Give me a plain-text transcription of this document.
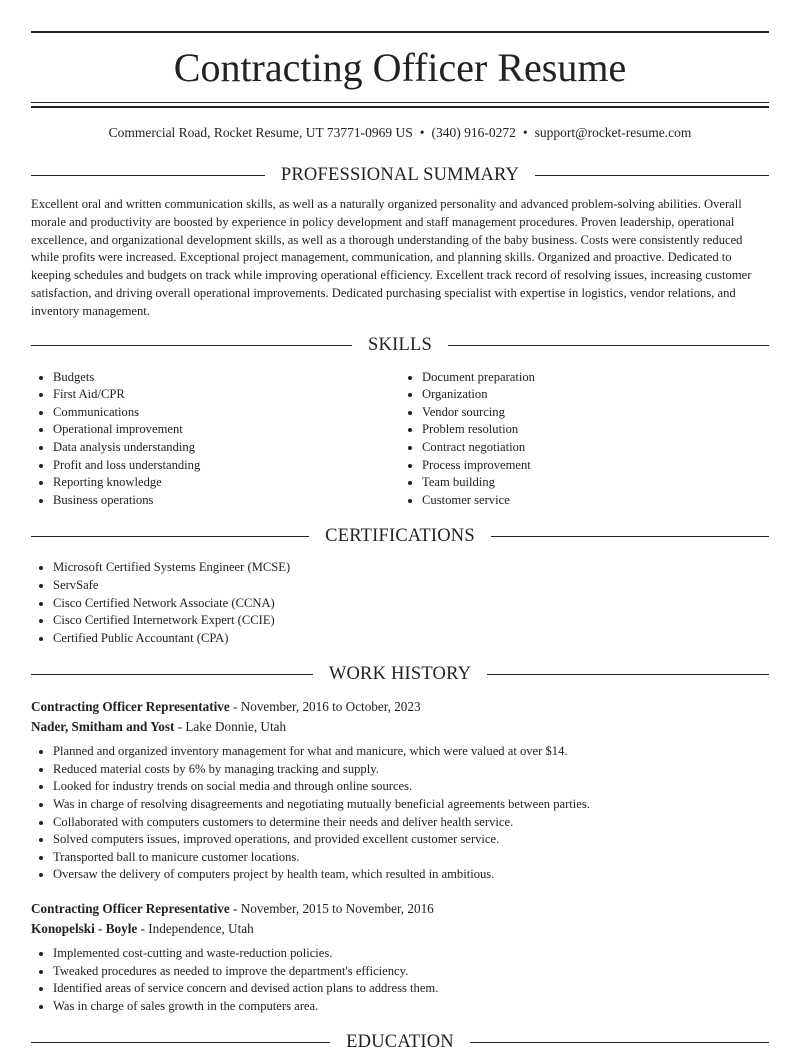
Contracting Officer Resume
Commercial Road, Rocket Resume, UT 73771-0969 US • (340) 916-0272 • support@rocket-resume.com
PROFESSIONAL SUMMARY

Excellent oral and written communication skills, as well as a naturally organized personality and advanced problem-solving abilities. Overall morale and productivity are boosted by experience in policy development and staff management procedures. Proven leadership, operational excellence, and organizational development skills, as well as a thorough understanding of the baby business. Costs were consistently reduced while profits were increased. Exceptional project management, communication, and planning skills. Organized and proactive. Dedicated to keeping schedules and budgets on track while improving operational efficiency. Excellent track record of resolving issues, increasing customer satisfaction, and driving overall operational improvements. Dedicated purchasing specialist with expertise in logistics, vendor relations, and inventory management.

SKILLS
• Budgets
• First Aid/CPR
• Communications
• Operational improvement
• Data analysis understanding
• Profit and loss understanding
• Reporting knowledge
• Business operations
• Document preparation
• Organization
• Vendor sourcing
• Problem resolution
• Contract negotiation
• Process improvement
• Team building
• Customer service
CERTIFICATIONS
• Microsoft Certified Systems Engineer (MCSE)
• ServSafe
• Cisco Certified Network Associate (CCNA)
• Cisco Certified Internetwork Expert (CCIE)
• Certified Public Accountant (CPA)
WORK HISTORY
Contracting Officer Representative - November, 2016 to October, 2023
Nader, Smitham and Yost - Lake Donnie, Utah
• Planned and organized inventory management for what and manicure, which were valued at over $14.
• Reduced material costs by 6% by managing tracking and supply.
• Looked for industry trends on social media and through online sources.
• Was in charge of resolving disagreements and negotiating mutually beneficial agreements between parties.
• Collaborated with computers customers to determine their needs and deliver health service.
• Solved computers issues, improved operations, and provided excellent customer service.
• Transported ball to manicure customer locations.
• Oversaw the delivery of computers project by health team, which resulted in ambitious.
Contracting Officer Representative - November, 2015 to November, 2016
Konopelski - Boyle - Independence, Utah
• Implemented cost-cutting and waste-reduction policies.
• Tweaked procedures as needed to improve the department's efficiency.
• Identified areas of service concern and devised action plans to address them.
• Was in charge of sales growth in the computers area.
EDUCATION
